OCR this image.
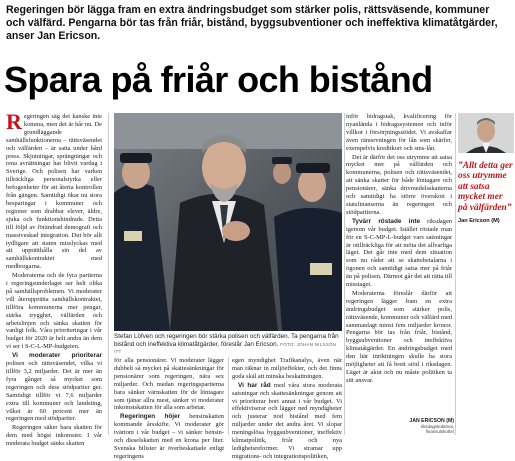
Regeringen bör lägga fram en extra ändringsbudget som stärker polis, rättsväsende, kommuner och välfärd. Pengarna bör tas från friår, bistånd, byggsubventioner och ineffektiva klimatåtgärder, anser Jan Ericson.
Spara på friår och bistånd

Regeringen säg det kanske inte komma, men det är hår nu. De grundläggande samhällsfunktionerna – rättsväsendet och välfärden – är satta under hård press. Skjutningar, sprängningar och rena avrättningar har blivit vardag i Sverige. Och polisen har varken tillräckliga personalstyrka eller befogenheter för att återta kontrollen från gängen. Samtidigt ökar nu stora besparingar i kommuner och regioner som drabbar elever, äldre, sjuka och funktionshindrade. Detta till följd av förändrad demografi och massiveskad integration. Dut bör allt tydligare att staten misslyckas med att upprätthålla sin del av samhällskontraktet med medborgarna.

Moderaterna och de fyra partierna i regeringsunderlaget ser helt olika på samhällsproblemen. Vi moderater vill återupprätta samhällskontraktet, tillföra kommunerna mer pengar, stärka trygghet, välfärden och arbetslinjen och sänka skatten för vanligt folk. Våra prioriteringar i vår budget för 2020 är helt andra än dem vi ser i S-C-L-MP-budgeten.

Vi moderater prioriterar polisen och rättsväsendet, vilka vi tillför 3,2 miljarder. Det är mer än fyra gånger så mycket som regeringen och dess stödpartier ger. Samtidigt tillför vi 7,6 miljarder extra till kommuner och landsting, vilket är 60 procent mer än regeringen med stödpartier.

Regeringen säker bara skatten för dem med högst inkomster. I vår moderata budget sänks skatten

Stefan Löfven och regeringen bör stärka polisen och välfärden. Ta pengarna från bistånd och ineffektiva klimatåtgärder, föreslår Jan Ericson. FOTO: JOHAN NILSSON /TT

för alla pensionärer. Vi moderater lägger dubbelt så mycket på skattesänkningar för pensionärer som regeringen, nära sex miljarder. Och medan regeringspartierna bara sänker värnskatten för de löntagare som tjänar allra mest, sänker vi moderater inkomstskatten för alla som arbetar.

Regeringen höjer bensinskatten kommande årsskifte. Vi moderater gör tvärtom i vår budget – vi sänker bensin- och dieselskatten med en krona per liter. Svenska bilister är överbeskattade enligt regeringens

egen myndighet Trafikanalys, även när man räknar in miljöeffekter, och det finns goda skäl att minska beskattningen.

Vi har råd med våra stora moderata satsningar och skattesänkningar genom att vi prioriterar bort annat i vår budget. Vi effektiviserar och lägger ned myndigheter och justerar nod bistånd med fem miljarder under det andra året. Vi slopar meningslösa byggsubventioner, ineffektiv klimatpolitik, friår och nya ledighetsreformer. Vi stramar upp migrations- och integrationspolitiken,

inför bidragstak, kvalificering för nyanlända i bidragssystemen och inför villkor i försörjningsstödet. Vi avskaffar även rämsrvningen för lån som skärfer, exempelvis kreditkort och sms-lån.

Det är därför det oss utrymme att satsa mycket mer på välfärden och kommunerna, polisen och rättsväsendet, att sänka skatter för både löntagare och pensionärer, sänka drivmedelsskatterna och samtidigt ha större överskott i statsfinanserna än regeringen och stödpartierna.

Tyvärr röstade inte riksdagen igenom vår budget. Istället röstade man för en S-C-MP-L-budget vars satsningar är otillräckliga för att möta det allvarliga läget. Det går inte med dem situation som nu råder att se skattebetalarna i ögonen och samtidigt satsa mer på friår än på polisen. Därmot går det att rätta till misstaget.

Moderaterna föreslår därför att regeringen lägger fram en extra ändringsbudget som stärker polis, rättsväsende, kommuner och välfärd med sammanlagt minst fem miljarder kronor. Pengarna bör tas från friår, bistånd, byggsubventioner och ineffektiva klimatåtgärder. En ändringsbudget med den här inriktningen skulle ha stora möjligheter att få brett stöd i riksdagen. Läget är akut och nu måste politiken ta sitt ansvar.

”Allt detta ger oss utrymme att satsa mycket mer på välfärden”
Jan Ericson (M)
JAN ERICSON (M)
riksdagsledamot, finansutskottet
